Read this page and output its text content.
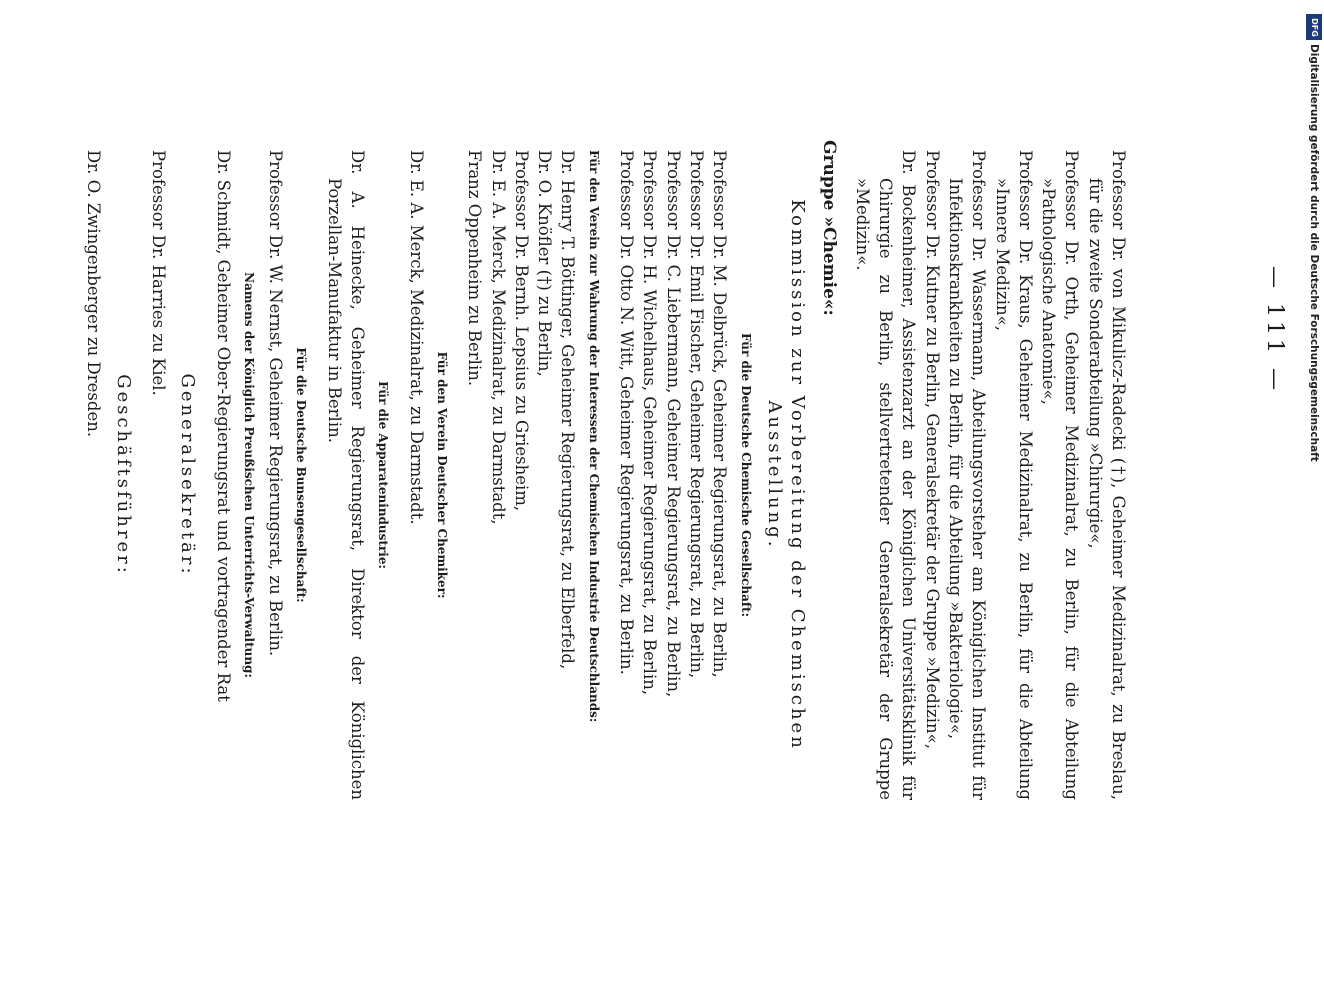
— 111 —

Professor Dr. von Mikulicz-Radecki (†), Geheimer Medizinalrat, zu Breslau, für die zweite Sonderabteilung »Chirurgie«,

Professor Dr. Orth, Geheimer Medizinalrat, zu Berlin, für die Abteilung »Pathologische Anatomie«,

Professor Dr. Kraus, Geheimer Medizinalrat, zu Berlin, für die Abteilung »Innere Medizin«,

Professor Dr. Wassermann, Abteilungsvorsteher am Königlichen Institut für Infektionskrankheiten zu Berlin, für die Abteilung »Bakteriologie«,

Professor Dr. Kutner zu Berlin, Generalsekretär der Gruppe »Medizin«,

Dr. Bockenheimer, Assistenzarzt an der Königlichen Universitätsklinik für Chirurgie zu Berlin, stellvertretender Generalsekretär der Gruppe »Medizin«.

Gruppe »Chemie«:
Kommission zur Vorbereitung der Chemischen Ausstellung.
Für die Deutsche Chemische Gesellschaft:

Professor Dr. M. Delbrück, Geheimer Regierungsrat, zu Berlin,

Professor Dr. Emil Fischer, Geheimer Regierungsrat, zu Berlin,

Professor Dr. C. Liebermann, Geheimer Regierungsrat, zu Berlin,

Professor Dr. H. Wichelhaus, Geheimer Regierungsrat, zu Berlin,

Professor Dr. Otto N. Witt, Geheimer Regierungsrat, zu Berlin.

Für den Verein zur Wahrung der Interessen der Chemischen Industrie Deutschlands:

Dr. Henry T. Böttinger, Geheimer Regierungsrat, zu Elberfeld,

Dr. O. Knöfler (†) zu Berlin,

Professor Dr. Bernh. Lepsius zu Griesheim,

Dr. E. A. Merck, Medizinalrat, zu Darmstadt,

Franz Oppenheim zu Berlin.

Für den Verein Deutscher Chemiker:

Dr. E. A. Merck, Medizinalrat, zu Darmstadt.

Für die Apparatenindustrie:

Dr. A. Heinecke, Geheimer Regierungsrat, Direktor der Königlichen Porzellan-Manufaktur in Berlin.

Für die Deutsche Bunsengesellschaft:

Professor Dr. W. Nernst, Geheimer Regierungsrat, zu Berlin.

Namens der Königlich Preußischen Unterrichts-Verwaltung:

Dr. Schmidt, Geheimer Ober-Regierungsrat und vortragender Rat

Generalsekretär:

Professor Dr. Harries zu Kiel.

Geschäftsführer:

Dr. O. Zwingenberger zu Dresden.

DFG
Digitalisierung gefördert durch die Deutsche Forschungsgemeinschaft
